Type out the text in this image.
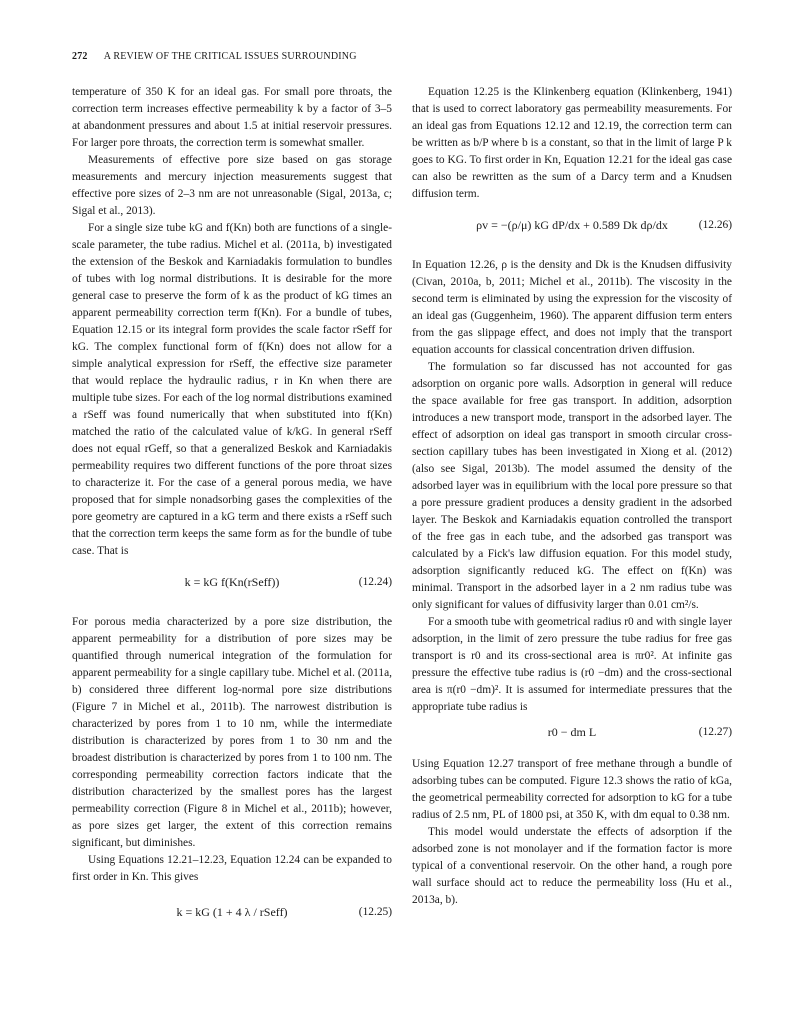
272 A REVIEW OF THE CRITICAL ISSUES SURROUNDING

temperature of 350 K for an ideal gas. For small pore throats, the correction term increases effective permeability k by a factor of 3–5 at abandonment pressures and about 1.5 at initial reservoir pressures. For larger pore throats, the correction term is somewhat smaller.

Measurements of effective pore size based on gas storage measurements and mercury injection measurements suggest that effective pore sizes of 2–3 nm are not unreasonable (Sigal, 2013a, c; Sigal et al., 2013).

For a single size tube kG and f(Kn) both are functions of a single-scale parameter, the tube radius. Michel et al. (2011a, b) investigated the extension of the Beskok and Karniadakis formulation to bundles of tubes with log normal distributions. It is desirable for the more general case to preserve the form of k as the product of kG times an apparent permeability correction term f(Kn). For a bundle of tubes, Equation 12.15 or its integral form provides the scale factor rSeff for kG. The complex functional form of f(Kn) does not allow for a simple analytical expression for rSeff, the effective size parameter that would replace the hydraulic radius, r in Kn when there are multiple tube sizes. For each of the log normal distributions examined a rSeff was found numerically that when substituted into f(Kn) matched the ratio of the calculated value of k/kG. In general rSeff does not equal rGeff, so that a generalized Beskok and Karniadakis permeability requires two different functions of the pore throat sizes to characterize it. For the case of a general porous media, we have proposed that for simple nonadsorbing gases the complexities of the pore geometry are captured in a kG term and there exists a rSeff such that the correction term keeps the same form as for the bundle of tube case. That is

k = kG f(Kn(rSeff))	(12.24)

For porous media characterized by a pore size distribution, the apparent permeability for a distribution of pore sizes may be quantified through numerical integration of the formulation for apparent permeability for a single capillary tube. Michel et al. (2011a, b) considered three different log-normal pore size distributions (Figure 7 in Michel et al., 2011b). The narrowest distribution is characterized by pores from 1 to 10 nm, while the intermediate distribution is characterized by pores from 1 to 30 nm and the broadest distribution is characterized by pores from 1 to 100 nm. The corresponding permeability correction factors indicate that the distribution characterized by the smallest pores has the largest permeability correction (Figure 8 in Michel et al., 2011b); however, as pore sizes get larger, the extent of this correction remains significant, but diminishes.

Using Equations 12.21–12.23, Equation 12.24 can be expanded to first order in Kn. This gives

k = kG (1 + 4 λ / rSeff)	(12.25)

Equation 12.25 is the Klinkenberg equation (Klinkenberg, 1941) that is used to correct laboratory gas permeability measurements. For an ideal gas from Equations 12.12 and 12.19, the correction term can be written as b/P where b is a constant, so that in the limit of large P k goes to KG. To first order in Kn, Equation 12.21 for the ideal gas case can also be rewritten as the sum of a Darcy term and a Knudsen diffusion term.

ρv = −(ρ/μ) kG dP/dx + 0.589 Dk dρ/dx	(12.26)

In Equation 12.26, ρ is the density and Dk is the Knudsen diffusivity (Civan, 2010a, b, 2011; Michel et al., 2011b). The viscosity in the second term is eliminated by using the expression for the viscosity of an ideal gas (Guggenheim, 1960). The apparent diffusion term enters from the gas slippage effect, and does not imply that the transport equation accounts for classical concentration driven diffusion.

The formulation so far discussed has not accounted for gas adsorption on organic pore walls. Adsorption in general will reduce the space available for free gas transport. In addition, adsorption introduces a new transport mode, transport in the adsorbed layer. The effect of adsorption on ideal gas transport in smooth circular cross-section capillary tubes has been investigated in Xiong et al. (2012) (also see Sigal, 2013b). The model assumed the density of the adsorbed layer was in equilibrium with the local pore pressure so that a pore pressure gradient produces a density gradient in the adsorbed layer. The Beskok and Karniadakis equation controlled the transport of the free gas in each tube, and the adsorbed gas transport was calculated by a Fick's law diffusion equation. For this model study, adsorption significantly reduced kG. The effect on f(Kn) was minimal. Transport in the adsorbed layer in a 2 nm radius tube was only significant for values of diffusivity larger than 0.01 cm²/s.

For a smooth tube with geometrical radius r0 and with single layer adsorption, in the limit of zero pressure the tube radius for free gas transport is r0 and its cross-sectional area is πr0². At infinite gas pressure the effective tube radius is (r0 −dm) and the cross-sectional area is π(r0 −dm)². It is assumed for intermediate pressures that the appropriate tube radius is

r0 − dm L	(12.27)

Using Equation 12.27 transport of free methane through a bundle of adsorbing tubes can be computed. Figure 12.3 shows the ratio of kGa, the geometrical permeability corrected for adsorption to kG for a tube radius of 2.5 nm, PL of 1800 psi, at 350 K, with dm equal to 0.38 nm.

This model would understate the effects of adsorption if the adsorbed zone is not monolayer and if the formation factor is more typical of a conventional reservoir. On the other hand, a rough pore wall surface should act to reduce the permeability loss (Hu et al., 2013a, b).
